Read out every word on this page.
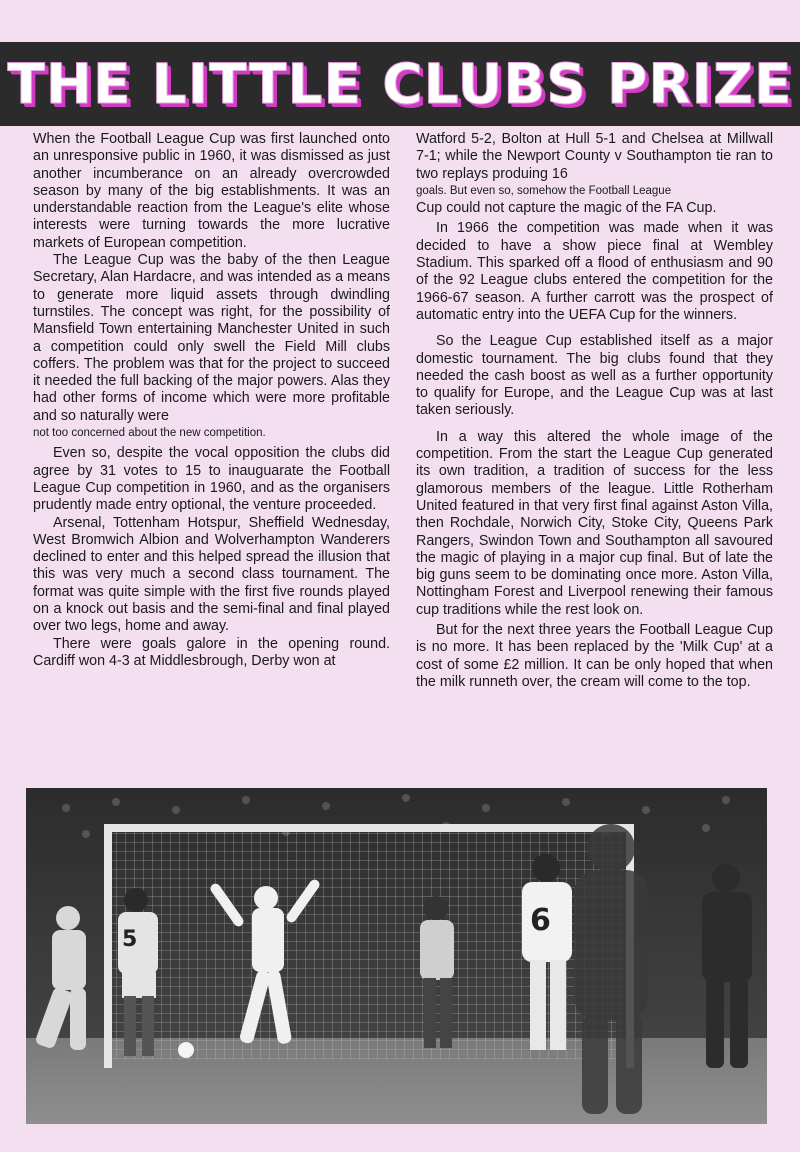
THE LITTLE CLUBS PRIZE

When the Football League Cup was first launched onto an unresponsive public in 1960, it was dismissed as just another incumberance on an already overcrowded season by many of the big establishments. It was an understandable reaction from the League's elite whose interests were turning towards the more lucrative markets of European competition.

The League Cup was the baby of the then League Secretary, Alan Hardacre, and was intended as a means to generate more liquid assets through dwindling turnstiles. The concept was right, for the possibility of Mansfield Town entertaining Manchester United in such a competition could only swell the Field Mill clubs coffers. The problem was that for the project to succeed it needed the full backing of the major powers. Alas they had other forms of income which were more profitable and so naturally were

not too concerned about the new competition.

Even so, despite the vocal opposition the clubs did agree by 31 votes to 15 to inauguarate the Football League Cup competition in 1960, and as the organisers prudently made entry optional, the venture proceeded.

Arsenal, Tottenham Hotspur, Sheffield Wednesday, West Bromwich Albion and Wolverhampton Wanderers declined to enter and this helped spread the illusion that this was very much a second class tournament. The format was quite simple with the first five rounds played on a knock out basis and the semi-final and final played over two legs, home and away.

There were goals galore in the opening round. Cardiff won 4-3 at Middlesbrough, Derby won at

Watford 5-2, Bolton at Hull 5-1 and Chelsea at Millwall 7-1; while the Newport County v Southampton tie ran to two replays produing 16

goals. But even so, somehow the Football League

Cup could not capture the magic of the FA Cup.

In 1966 the competition was made when it was decided to have a show piece final at Wembley Stadium. This sparked off a flood of enthusiasm and 90 of the 92 League clubs entered the competition for the 1966-67 season. A further carrott was the prospect of automatic entry into the UEFA Cup for the winners.

So the League Cup established itself as a major domestic tournament. The big clubs found that they needed the cash boost as well as a further opportunity to qualify for Europe, and the League Cup was at last taken seriously.

In a way this altered the whole image of the competition. From the start the League Cup generated its own tradition, a tradition of success for the less glamorous members of the league. Little Rotherham United featured in that very first final against Aston Villa, then Rochdale, Norwich City, Stoke City, Queens Park Rangers, Swindon Town and Southampton all savoured the magic of playing in a major cup final. But of late the big guns seem to be dominating once more. Aston Villa, Nottingham Forest and Liverpool renewing their famous cup traditions while the rest look on.

But for the next three years the Football League Cup is no more. It has been replaced by the 'Milk Cup' at a cost of some £2 million. It can be only hoped that when the milk runneth over, the cream will come to the top.

5
6
